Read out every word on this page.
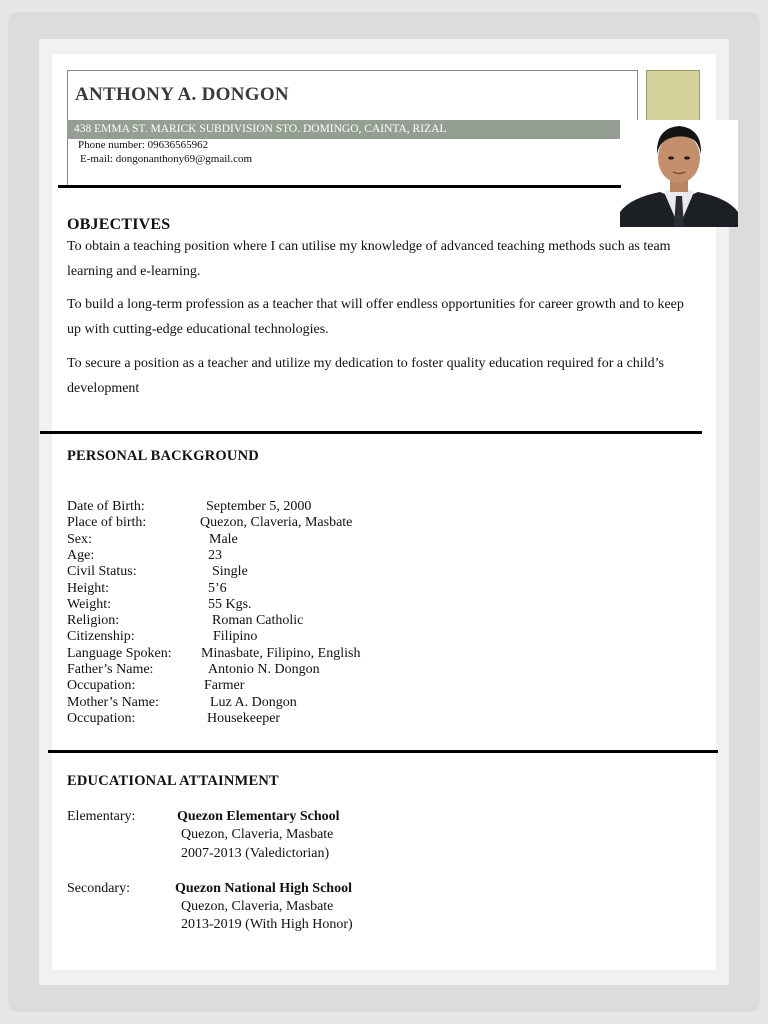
ANTHONY A. DONGON
438 EMMA ST. MARICK SUBDIVISION STO. DOMINGO, CAINTA, RIZAL
Phone number: 09636565962
E-mail: dongonanthony69@gmail.com
OBJECTIVES
To obtain a teaching position where I can utilise my knowledge of advanced teaching methods such as team learning and e-learning.
To build a long-term profession as a teacher that will offer endless opportunities for career growth and to keep up with cutting-edge educational technologies.
To secure a position as a teacher and utilize my dedication to foster quality education required for a child’s development
PERSONAL BACKGROUND
Date of Birth:	September 5, 2000
Place of birth:	Quezon, Claveria, Masbate
Sex:	Male
Age:	23
Civil Status:	Single
Height:	5’6
Weight:	55 Kgs.
Religion:	Roman Catholic
Citizenship:	Filipino
Language Spoken: Minasbate, Filipino, English
Father’s Name:	Antonio N. Dongon
Occupation:	Farmer
Mother’s Name:	Luz A. Dongon
Occupation:	Housekeeper
EDUCATIONAL ATTAINMENT
Elementary:	Quezon Elementary School
Quezon, Claveria, Masbate
2007-2013 (Valedictorian)
Secondary:	Quezon National High School
Quezon, Claveria, Masbate
2013-2019 (With High Honor)
